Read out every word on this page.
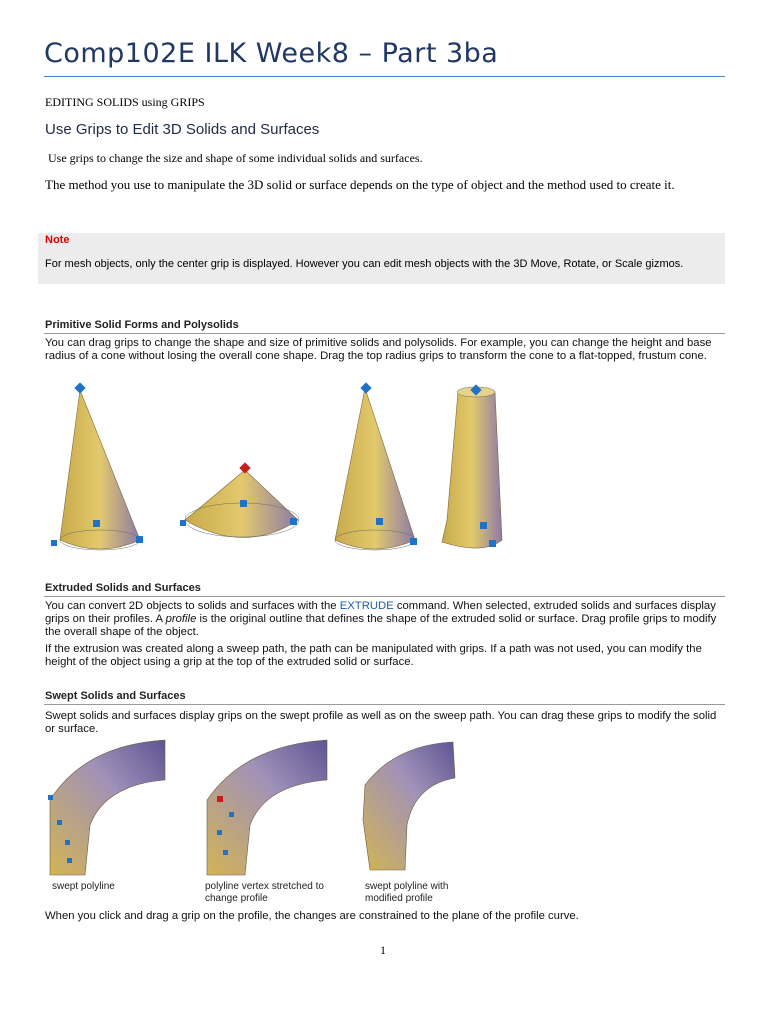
Comp102E ILK Week8 – Part 3ba
EDITING SOLIDS using GRIPS
Use Grips to Edit 3D Solids and Surfaces
Use grips to change the size and shape of some individual solids and surfaces.
The method you use to manipulate the 3D solid or surface depends on the type of object and the method used to create it.
Note
For mesh objects, only the center grip is displayed. However you can edit mesh objects with the 3D Move, Rotate, or Scale gizmos.
Primitive Solid Forms and Polysolids
You can drag grips to change the shape and size of primitive solids and polysolids. For example, you can change the height and base radius of a cone without losing the overall cone shape. Drag the top radius grips to transform the cone to a flat-topped, frustum cone.
Extruded Solids and Surfaces
You can convert 2D objects to solids and surfaces with the EXTRUDE command. When selected, extruded solids and surfaces display grips on their profiles. A profile is the original outline that defines the shape of the extruded solid or surface. Drag profile grips to modify the overall shape of the object.
If the extrusion was created along a sweep path, the path can be manipulated with grips. If a path was not used, you can modify the height of the object using a grip at the top of the extruded solid or surface.
Swept Solids and Surfaces
Swept solids and surfaces display grips on the swept profile as well as on the sweep path. You can drag these grips to modify the solid or surface.
swept polyline	polyline vertex stretched to change profile
swept polyline with modified profile
When you click and drag a grip on the profile, the changes are constrained to the plane of the profile curve.
1
